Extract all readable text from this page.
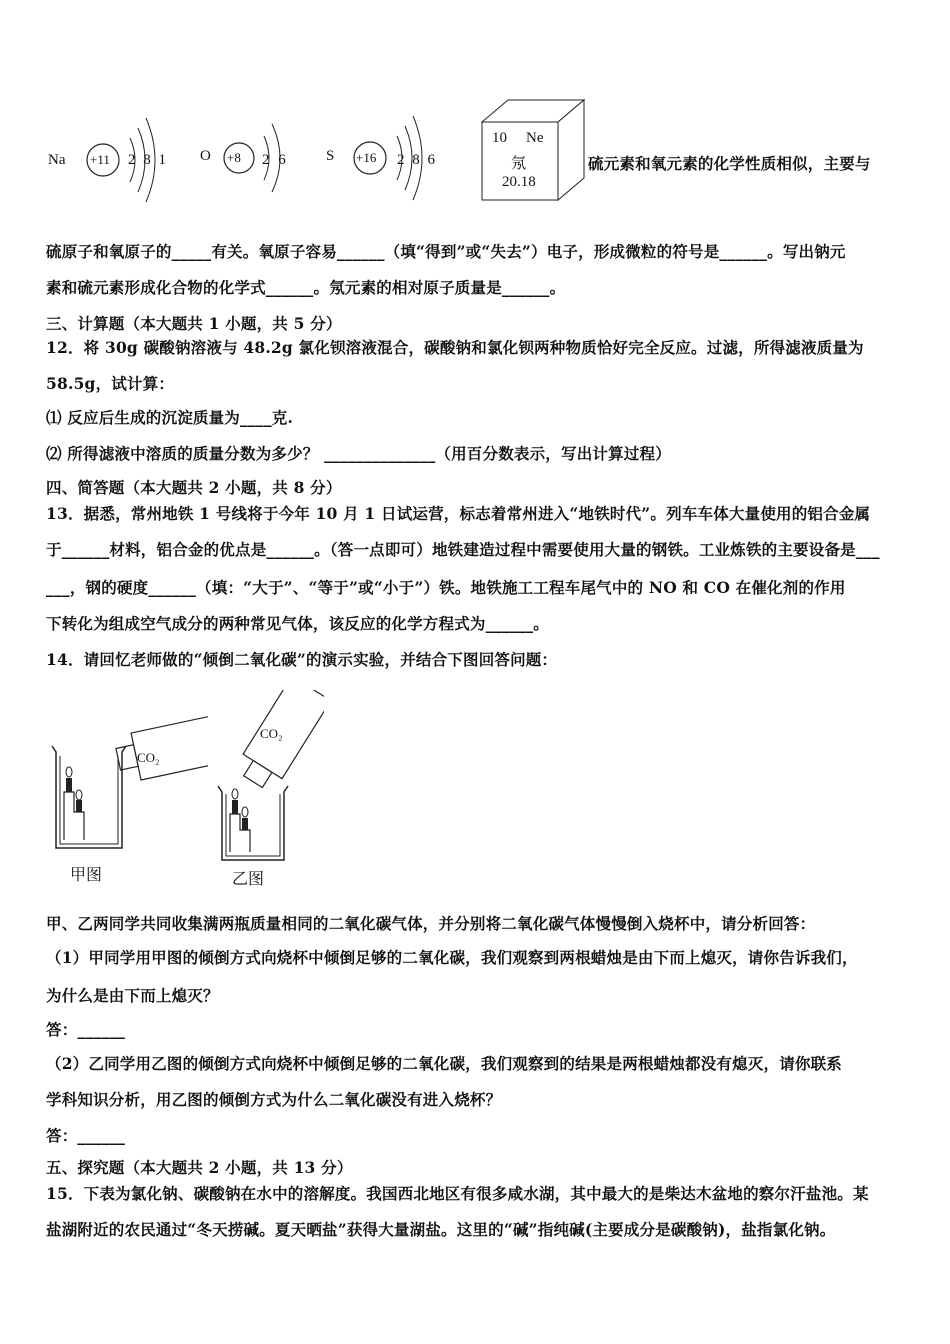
Na +11 2 8 1 O +8 2 6	S +16 2 8 6
10 Ne
氖
20.18
硫元素和氧元素的化学性质相似，主要与
硫原子和氧原子的_____有关。氧原子容易______（填“得到”或“失去”）电子，形成微粒的符号是______。写出钠元
素和硫元素形成化合物的化学式______。氖元素的相对原子质量是______。
三、计算题（本大题共 1 小题，共 5 分）
12．将 30g 碳酸钠溶液与 48.2g 氯化钡溶液混合，碳酸钠和氯化钡两种物质恰好完全反应。过滤，所得滤液质量为
58.5g，试计算：
⑴ 反应后生成的沉淀质量为____克.
⑵ 所得滤液中溶质的质量分数为多少？ ______________（用百分数表示，写出计算过程）
四、简答题（本大题共 2 小题，共 8 分）
13．据悉，常州地铁 1 号线将于今年 10 月 1 日试运营，标志着常州进入“地铁时代”。列车车体大量使用的铝合金属
于______材料，铝合金的优点是______。（答一点即可）地铁建造过程中需要使用大量的钢铁。工业炼铁的主要设备是___
___，钢的硬度______（填：“大于”、“等于”或“小于”）铁。地铁施工工程车尾气中的 NO 和 CO 在催化剂的作用
下转化为组成空气成分的两种常见气体，该反应的化学方程式为______。
14．请回忆老师做的“倾倒二氧化碳”的演示实验，并结合下图回答问题：
CO₂
甲图
CO₂
乙图
甲、乙两同学共同收集满两瓶质量相同的二氧化碳气体，并分别将二氧化碳气体慢慢倒入烧杯中，请分析回答：
（1）甲同学用甲图的倾倒方式向烧杯中倾倒足够的二氧化碳，我们观察到两根蜡烛是由下而上熄灭，请你告诉我们，
为什么是由下而上熄灭？
答：______
（2）乙同学用乙图的倾倒方式向烧杯中倾倒足够的二氧化碳，我们观察到的结果是两根蜡烛都没有熄灭，请你联系
学科知识分析，用乙图的倾倒方式为什么二氧化碳没有进入烧杯？
答：______
五、探究题（本大题共 2 小题，共 13 分）
15．下表为氯化钠、碳酸钠在水中的溶解度。我国西北地区有很多咸水湖，其中最大的是柴达木盆地的察尔汗盐池。某
盐湖附近的农民通过“冬天捞碱。夏天晒盐”获得大量湖盐。这里的“碱”指纯碱(主要成分是碳酸钠)，盐指氯化钠。
